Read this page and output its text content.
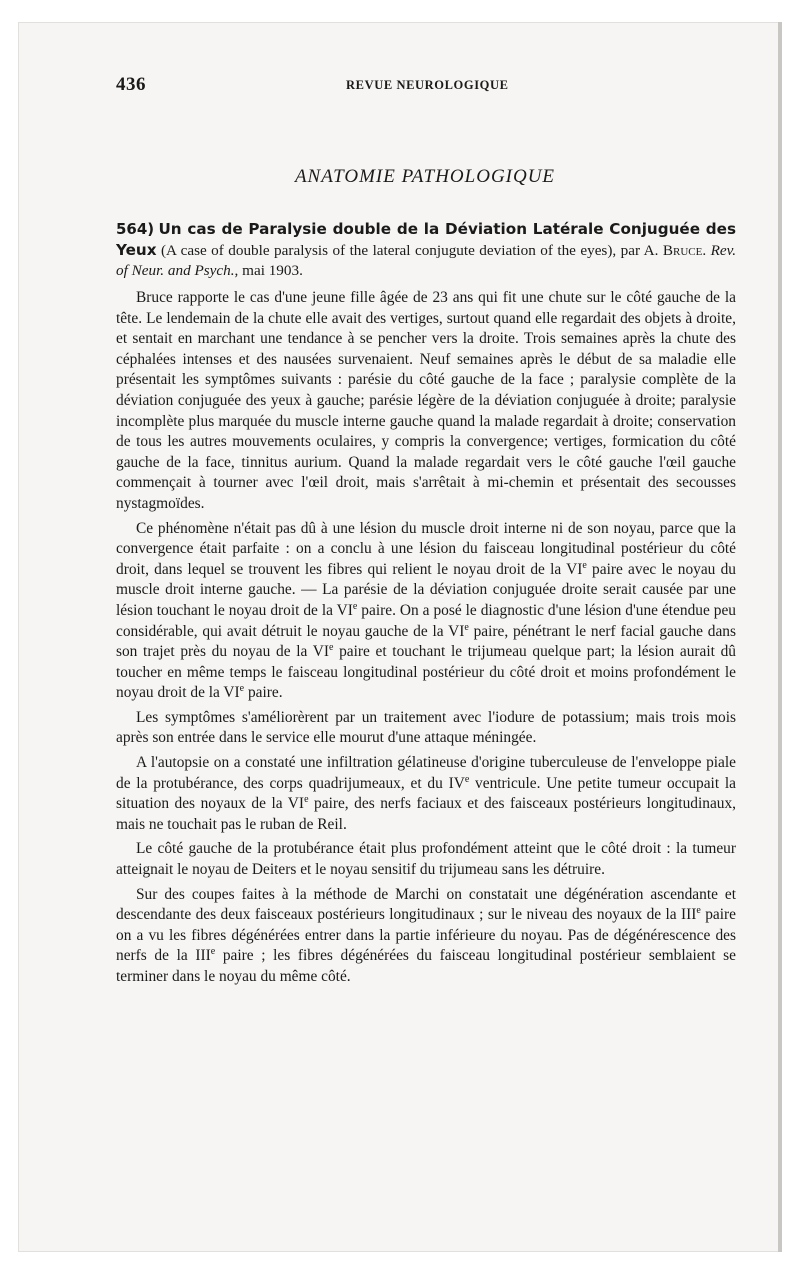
436	REVUE NEUROLOGIQUE
ANATOMIE PATHOLOGIQUE
564) Un cas de Paralysie double de la Déviation Latérale Conjuguée des Yeux (A case of double paralysis of the lateral conjugute deviation of the eyes), par A. Bruce. Rev. of Neur. and Psych., mai 1903.

Bruce rapporte le cas d'une jeune fille âgée de 23 ans qui fit une chute sur le côté gauche de la tête. Le lendemain de la chute elle avait des vertiges, surtout quand elle regardait des objets à droite, et sentait en marchant une tendance à se pencher vers la droite. Trois semaines après la chute des céphalées intenses et des nausées survenaient. Neuf semaines après le début de sa maladie elle présentait les symptômes suivants : parésie du côté gauche de la face ; paralysie complète de la déviation conjuguée des yeux à gauche; parésie légère de la déviation conjuguée à droite; paralysie incomplète plus marquée du muscle interne gauche quand la malade regardait à droite; conservation de tous les autres mouvements oculaires, y compris la convergence; vertiges, formication du côté gauche de la face, tinnitus aurium. Quand la malade regardait vers le côté gauche l'œil gauche commençait à tourner avec l'œil droit, mais s'arrêtait à mi-chemin et présentait des secousses nystagmoïdes.

Ce phénomène n'était pas dû à une lésion du muscle droit interne ni de son noyau, parce que la convergence était parfaite : on a conclu à une lésion du faisceau longitudinal postérieur du côté droit, dans lequel se trouvent les fibres qui relient le noyau droit de la VIe paire avec le noyau du muscle droit interne gauche. — La parésie de la déviation conjuguée droite serait causée par une lésion touchant le noyau droit de la VIe paire. On a posé le diagnostic d'une lésion d'une étendue peu considérable, qui avait détruit le noyau gauche de la VIe paire, pénétrant le nerf facial gauche dans son trajet près du noyau de la VIe paire et touchant le trijumeau quelque part; la lésion aurait dû toucher en même temps le faisceau longitudinal postérieur du côté droit et moins profondément le noyau droit de la VIe paire.

Les symptômes s'améliorèrent par un traitement avec l'iodure de potassium; mais trois mois après son entrée dans le service elle mourut d'une attaque méningée.

A l'autopsie on a constaté une infiltration gélatineuse d'origine tuberculeuse de l'enveloppe piale de la protubérance, des corps quadrijumeaux, et du IVe ventricule. Une petite tumeur occupait la situation des noyaux de la VIe paire, des nerfs faciaux et des faisceaux postérieurs longitudinaux, mais ne touchait pas le ruban de Reil.

Le côté gauche de la protubérance était plus profondément atteint que le côté droit : la tumeur atteignait le noyau de Deiters et le noyau sensitif du trijumeau sans les détruire.

Sur des coupes faites à la méthode de Marchi on constatait une dégénération ascendante et descendante des deux faisceaux postérieurs longitudinaux ; sur le niveau des noyaux de la IIIe paire on a vu les fibres dégénérées entrer dans la partie inférieure du noyau. Pas de dégénérescence des nerfs de la IIIe paire ; les fibres dégénérées du faisceau longitudinal postérieur semblaient se terminer dans le noyau du même côté.
